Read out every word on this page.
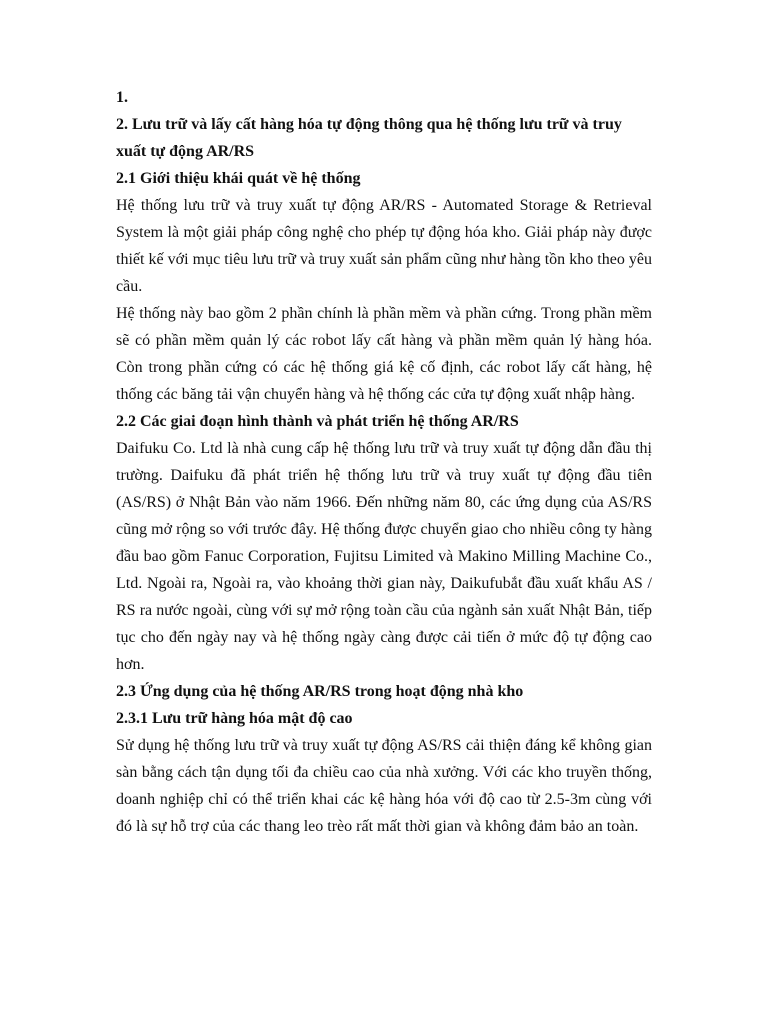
1.

2. Lưu trữ và lấy cất hàng hóa tự động thông qua hệ thống lưu trữ và truy xuất tự động AR/RS

2.1 Giới thiệu khái quát về hệ thống

Hệ thống lưu trữ và truy xuất tự động AR/RS - Automated Storage & Retrieval System là một giải pháp công nghệ cho phép tự động hóa kho. Giải pháp này được thiết kế với mục tiêu lưu trữ và truy xuất sản phẩm cũng như hàng tồn kho theo yêu cầu.

Hệ thống này bao gồm 2 phần chính là phần mềm và phần cứng. Trong phần mềm sẽ có phần mềm quản lý các robot lấy cất hàng và phần mềm quản lý hàng hóa. Còn trong phần cứng có các hệ thống giá kệ cố định, các robot lấy cất hàng, hệ thống các băng tải vận chuyển hàng và hệ thống các cửa tự động xuất nhập hàng.

2.2 Các giai đoạn hình thành và phát triển hệ thống AR/RS

Daifuku Co. Ltd là nhà cung cấp hệ thống lưu trữ và truy xuất tự động dẫn đầu thị trường. Daifuku đã phát triển hệ thống lưu trữ và truy xuất tự động đầu tiên (AS/RS) ở Nhật Bản vào năm 1966. Đến những năm 80, các ứng dụng của AS/RS cũng mở rộng so với trước đây. Hệ thống được chuyển giao cho nhiều công ty hàng đầu bao gồm Fanuc Corporation, Fujitsu Limited và Makino Milling Machine Co., Ltd. Ngoài ra, Ngoài ra, vào khoảng thời gian này, Daikufubắt đầu xuất khẩu AS / RS ra nước ngoài, cùng với sự mở rộng toàn cầu của ngành sản xuất Nhật Bản, tiếp tục cho đến ngày nay và hệ thống ngày càng được cải tiến ở mức độ tự động cao hơn.

2.3 Ứng dụng của hệ thống AR/RS trong hoạt động nhà kho

2.3.1 Lưu trữ hàng hóa mật độ cao

Sử dụng hệ thống lưu trữ và truy xuất tự động AS/RS cải thiện đáng kể không gian sàn bằng cách tận dụng tối đa chiều cao của nhà xưởng. Với các kho truyền thống, doanh nghiệp chỉ có thể triển khai các kệ hàng hóa với độ cao từ 2.5-3m cùng với đó là sự hỗ trợ của các thang leo trèo rất mất thời gian và không đảm bảo an toàn.
